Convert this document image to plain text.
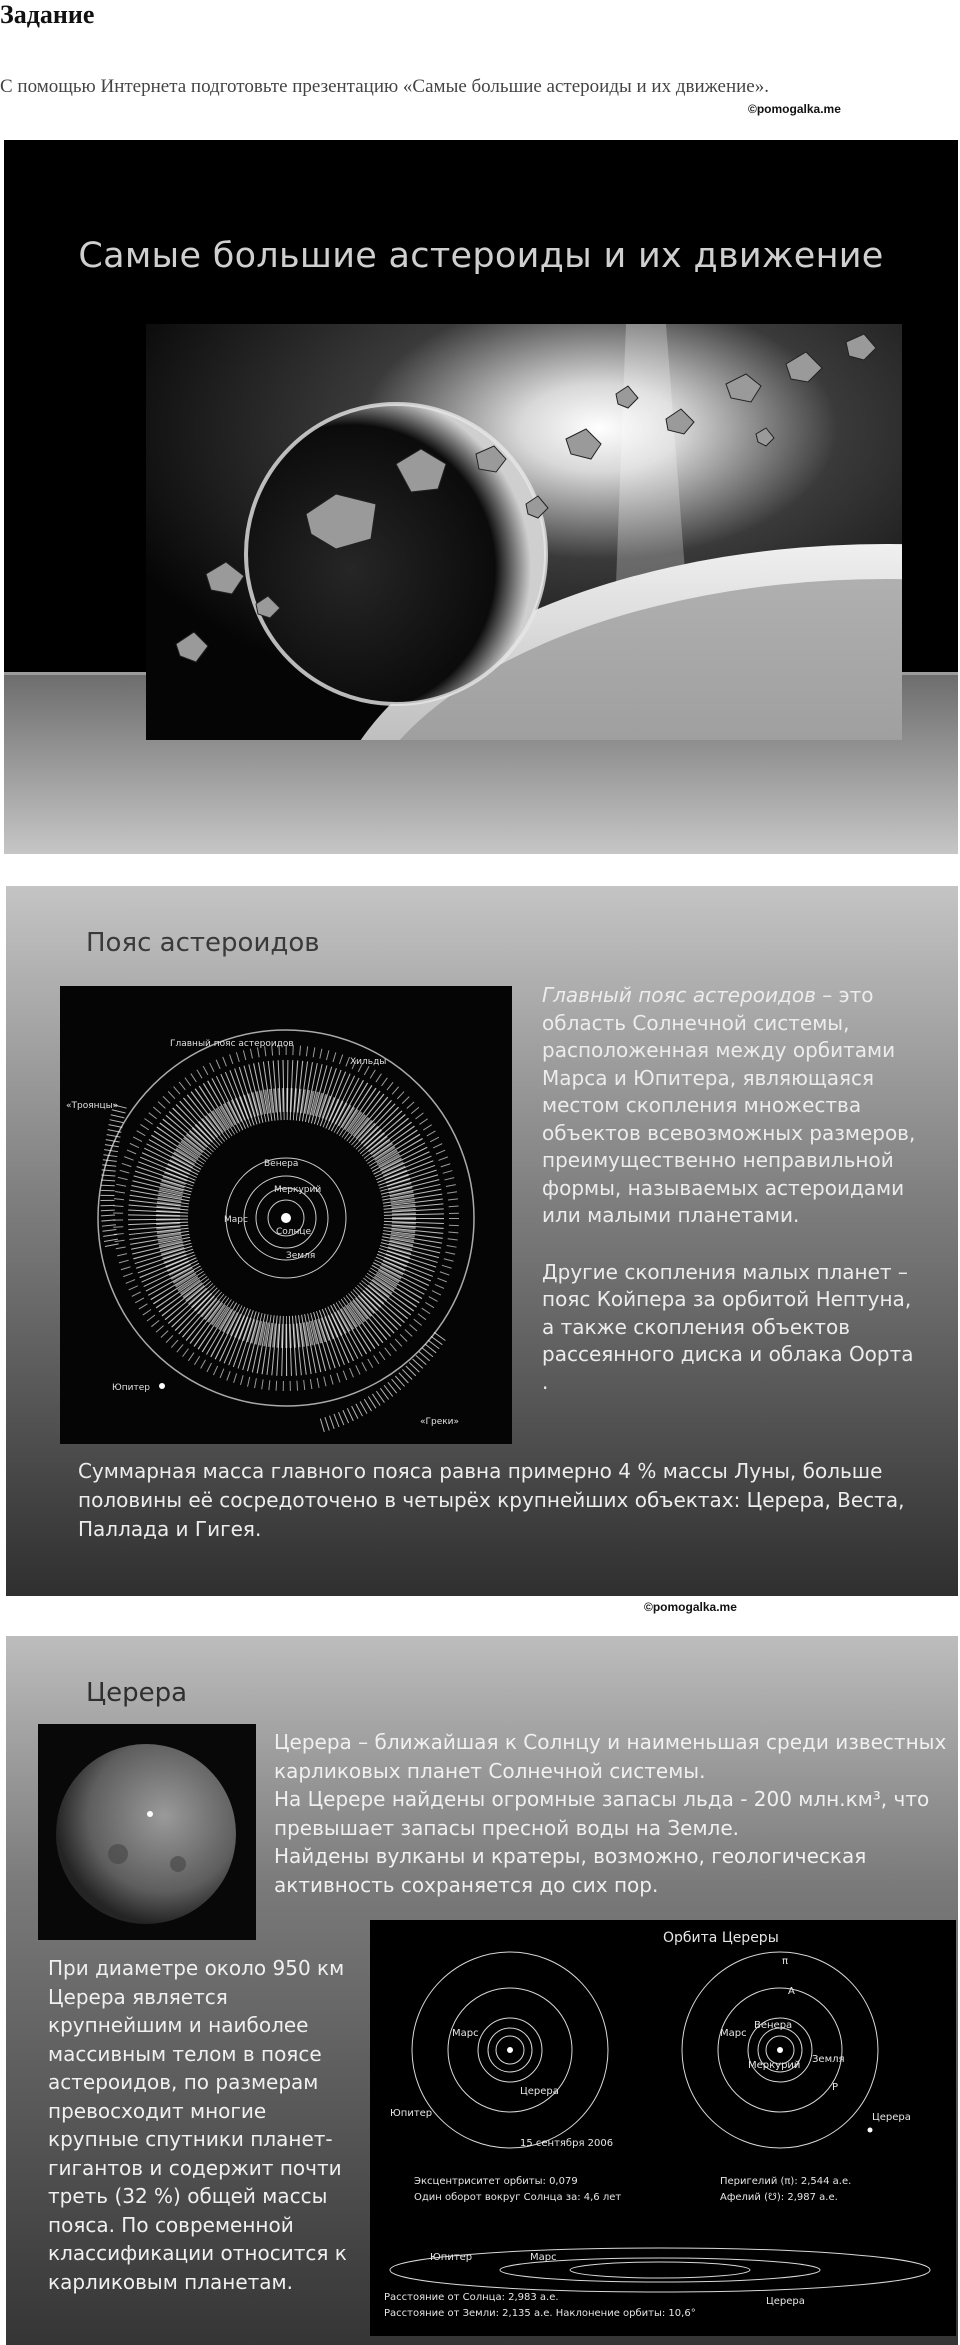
Задание
С помощью Интернета подготовьте презентацию «Самые большие астероиды и их движение».
©pomogalka.me
Самые большие астероиды и их движение
Пояс астероидов
Главный пояс астероидов
Хильды
«Троянцы»
«Греки»
Юпитер
Венера
Меркурий
Марс
Солнце
Земля

Главный пояс астероидов – это область Солнечной системы, расположенная между орбитами Марса и Юпитера, являющаяся местом скопления множества объектов всевозможных размеров, преимущественно неправильной формы, называемых астероидами или малыми планетами.

Другие скопления малых планет – пояс Койпера за орбитой Нептуна, а также скопления объектов рассеянного диска и облака Оорта .

Суммарная масса главного пояса равна примерно 4 % массы Луны, больше половины её сосредоточено в четырёх крупнейших объектах: Церера, Веста, Паллада и Гигея.
©pomogalka.me
Церера
Церера – ближайшая к Солнцу и наименьшая среди известных карликовых планет Солнечной системы.
На Церере найдены огромные запасы льда - 200 млн.км³, что превышает запасы пресной воды на Земле.
Найдены вулканы и кратеры, возможно, геологическая активность сохраняется до сих пор.
При диаметре около 950 км Церера является крупнейшим и наиболее массивным телом в поясе астероидов, по размерам превосходит многие крупные спутники планет-гигантов и содержит почти треть (32 %) общей массы пояса. По современной классификации относится к карликовым планетам.
Орбита Цереры
Марс
Церера
Юпитер
Марс
Венера
Меркурий
Земля
Церера
π
A
P
15 сентября 2006
Эксцентриситет орбиты: 0,079
Один оборот вокруг Солнца за: 4,6 лет
Перигелий (π): 2,544 а.е.
Афелий (☋): 2,987 а.е.
Юпитер	Марс
Церера
Расстояние от Солнца: 2,983 а.е.
Расстояние от Земли: 2,135 а.е. Наклонение орбиты: 10,6°
